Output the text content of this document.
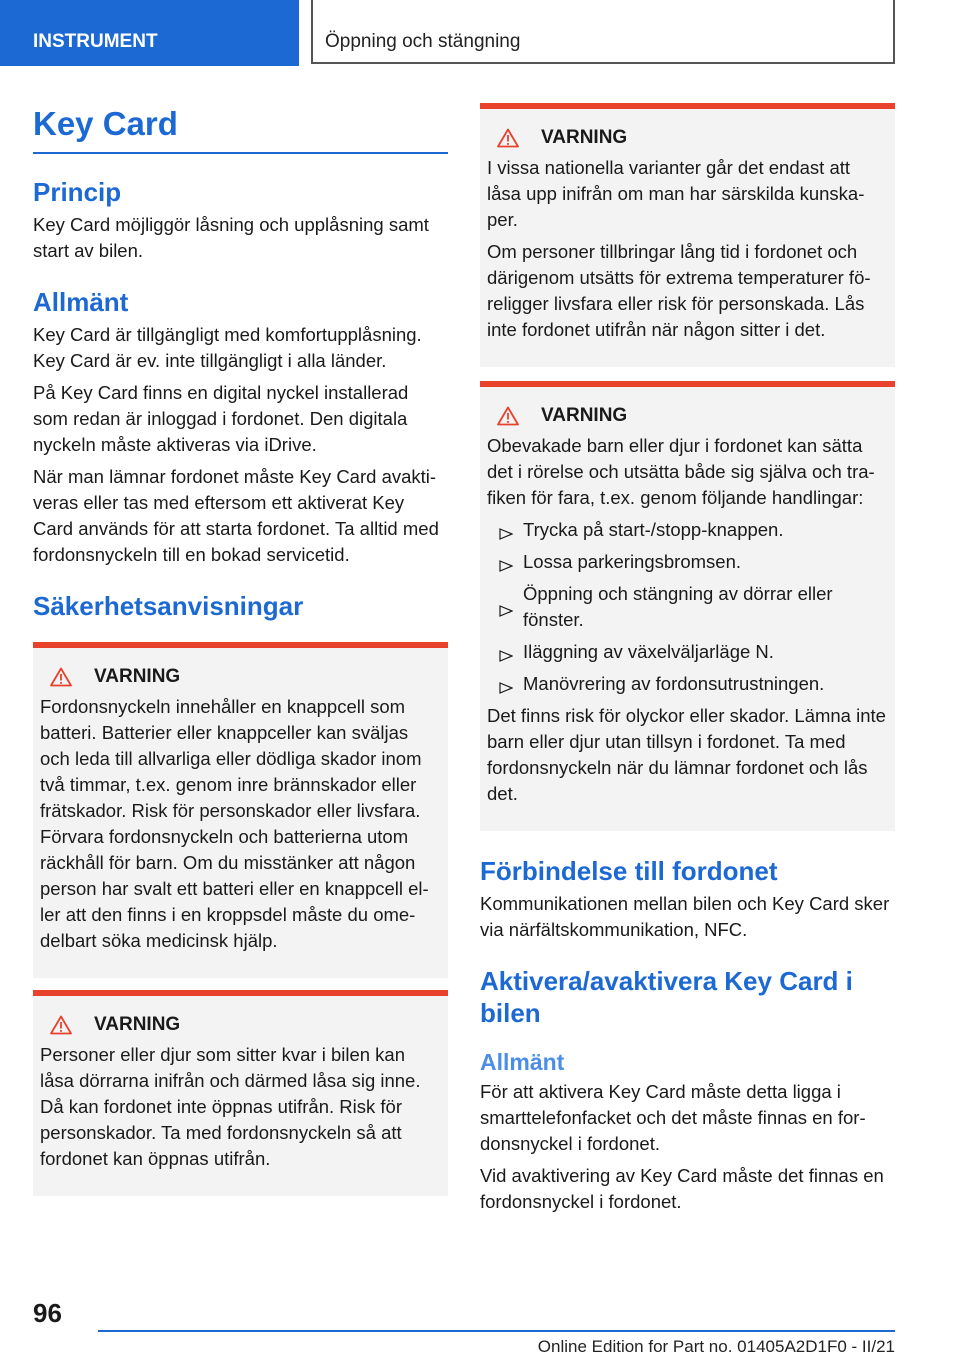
INSTRUMENT	Öppning och stängning
Key Card
Princip

Key Card möjliggör låsning och upplåsning samt start av bilen.

Allmänt

Key Card är tillgängligt med komfortupplåsning. Key Card är ev. inte tillgängligt i alla länder.

På Key Card finns en digital nyckel installerad som redan är inloggad i fordonet. Den digitala nyckeln måste aktiveras via iDrive.

När man lämnar fordonet måste Key Card avakti-veras eller tas med eftersom ett aktiverat Key Card används för att starta fordonet. Ta alltid med fordonsnyckeln till en bokad servicetid.

Säkerhetsanvisningar
VARNING

Fordonsnyckeln innehåller en knappcell som batteri. Batterier eller knappceller kan sväljas och leda till allvarliga eller dödliga skador inom två timmar, t.ex. genom inre brännskador eller frätskador. Risk för personskador eller livsfara. Förvara fordonsnyckeln och batterierna utom räckhåll för barn. Om du misstänker att någon person har svalt ett batteri eller en knappcell el-ler att den finns i en kroppsdel måste du ome-delbart söka medicinsk hjälp.

VARNING

Personer eller djur som sitter kvar i bilen kan låsa dörrarna inifrån och därmed låsa sig inne. Då kan fordonet inte öppnas utifrån. Risk för personskador. Ta med fordonsnyckeln så att fordonet kan öppnas utifrån.

VARNING

I vissa nationella varianter går det endast att låsa upp inifrån om man har särskilda kunska-per.

Om personer tillbringar lång tid i fordonet och därigenom utsätts för extrema temperaturer fö-religger livsfara eller risk för personskada. Lås inte fordonet utifrån när någon sitter i det.

VARNING

Obevakade barn eller djur i fordonet kan sätta det i rörelse och utsätta både sig själva och tra-fiken för fara, t.ex. genom följande handlingar:

Trycka på start-/stopp-knappen.
Lossa parkeringsbromsen.
Öppning och stängning av dörrar eller fönster.
Iläggning av växelväljarläge N.
Manövrering av fordonsutrustningen.

Det finns risk för olyckor eller skador. Lämna inte barn eller djur utan tillsyn i fordonet. Ta med fordonsnyckeln när du lämnar fordonet och lås det.

Förbindelse till fordonet

Kommunikationen mellan bilen och Key Card sker via närfältskommunikation, NFC.

Aktivera/avaktivera Key Card i bilen
Allmänt

För att aktivera Key Card måste detta ligga i smarttelefonfacket och det måste finnas en for-donsnyckel i fordonet.

Vid avaktivering av Key Card måste det finnas en fordonsnyckel i fordonet.

96
Online Edition for Part no. 01405A2D1F0 - II/21
